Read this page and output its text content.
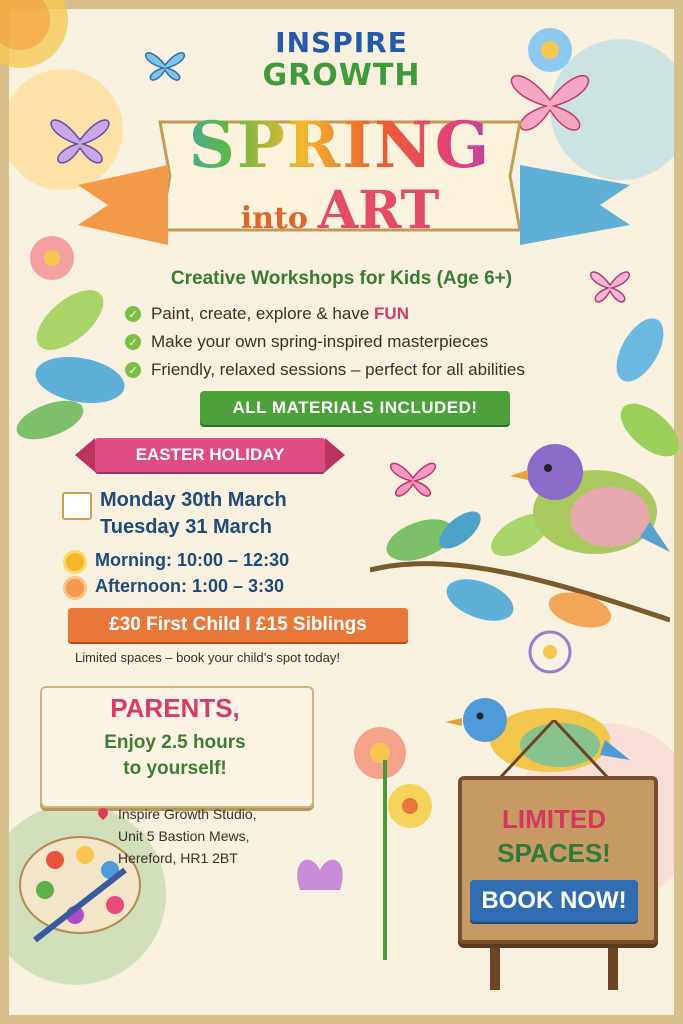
INSPIRE
GROWTH
SPRING
into ART
Creative Workshops for Kids (Age 6+)
✓ Paint, create, explore & have
FUN
✓ Make your own spring-inspired masterpieces
✓ Friendly, relaxed sessions – perfect for all abilities
ALL MATERIALS INCLUDED!
EASTER HOLIDAY
Monday 30th March
Tuesday 31 March
Morning: 10:00 – 12:30
Afternoon: 1:00 – 3:30
£30 First Child I £15 Siblings
Limited spaces – book your child’s spot today!
PARENTS,
Enjoy 2.5 hours
to yourself!
Inspire Growth Studio,
Unit 5 Bastion Mews,
Hereford, HR1 2BT
LIMITED
SPACES!
BOOK NOW!
